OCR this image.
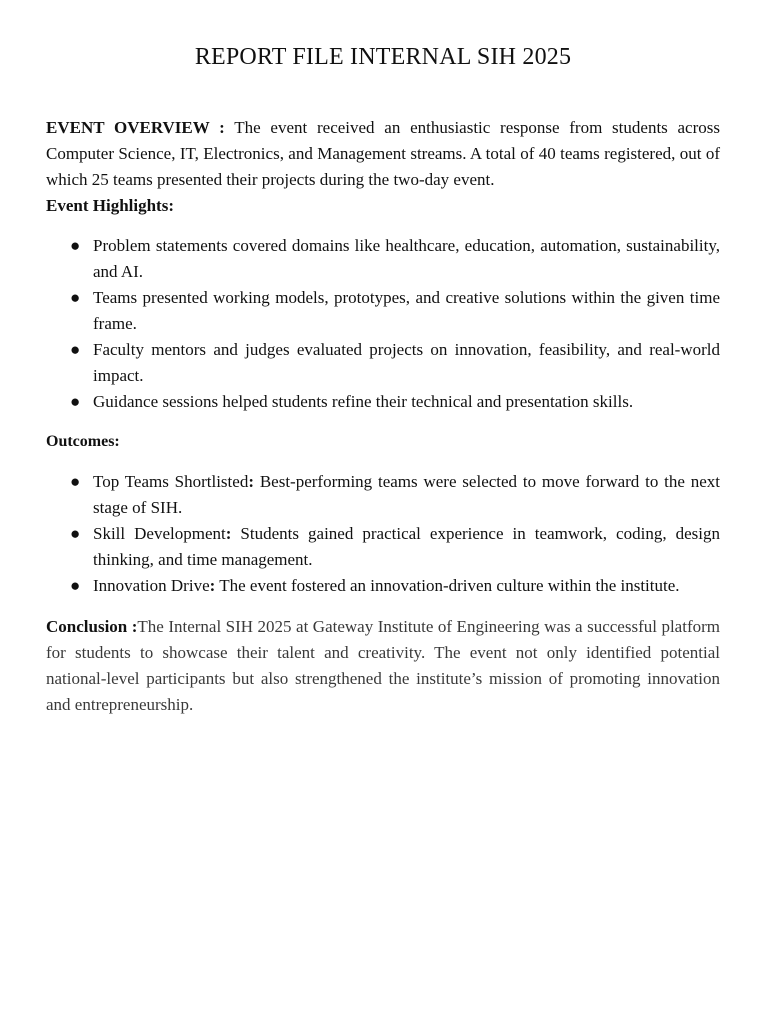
REPORT FILE INTERNAL SIH 2025

EVENT OVERVIEW : The event received an enthusiastic response from students across Computer Science, IT, Electronics, and Management streams. A total of 40 teams registered, out of which 25 teams presented their projects during the two-day event.

Event Highlights:

● Problem statements covered domains like healthcare, education, automation, sustainability, and AI.
● Teams presented working models, prototypes, and creative solutions within the given time frame.
● Faculty mentors and judges evaluated projects on innovation, feasibility, and real-world impact.
● Guidance sessions helped students refine their technical and presentation skills.

Outcomes:

● Top Teams Shortlisted: Best-performing teams were selected to move forward to the next stage of SIH.
● Skill Development: Students gained practical experience in teamwork, coding, design thinking, and time management.
● Innovation Drive: The event fostered an innovation-driven culture within the institute.

Conclusion :The Internal SIH 2025 at Gateway Institute of Engineering was a successful platform for students to showcase their talent and creativity. The event not only identified potential national-level participants but also strengthened the institute’s mission of promoting innovation and entrepreneurship.
